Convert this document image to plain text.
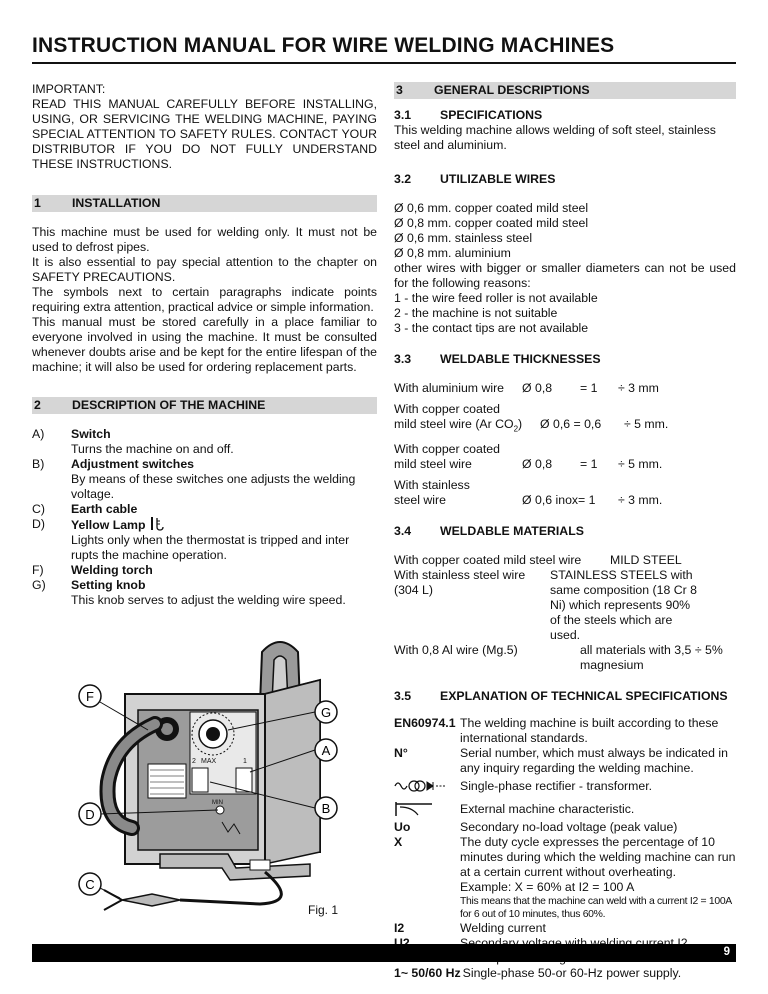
INSTRUCTION MANUAL FOR WIRE WELDING MACHINES
IMPORTANT:
READ THIS MANUAL CAREFULLY BEFORE INSTALLING, USING, OR SERVICING THE WELDING MACHINE, PAYING SPECIAL ATTENTION TO SAFETY RULES. CONTACT YOUR DISTRIBUTOR IF YOU DO NOT FULLY UNDERSTAND THESE INSTRUCTIONS.
1	INSTALLATION
This machine must be used for welding only. It must not be used to defrost pipes.
It is also essential to pay special attention to the chapter on SAFETY PRECAUTIONS.
The symbols next to certain paragraphs indicate points requiring extra attention, practical advice or simple information.
This manual must be stored carefully in a place familiar to everyone involved in using the machine. It must be consulted whenever doubts arise and be kept for the entire lifespan of the machine; it will also be used for ordering replacement parts.
2	DESCRIPTION OF THE MACHINE
A)	Switch
Turns the machine on and off.
B)	Adjustment switches
By means of these switches one adjusts the welding voltage.
C)	Earth cable
D)	Yellow Lamp
Lights only when the thermostat is tripped and inter rupts the machine operation.
F)	Welding torch
G)	Setting knob
This knob serves to adjust the welding wire speed.
MAX
2	1
MIN
F
G
A
D	B
C
Fig. 1
3	GENERAL DESCRIPTIONS
3.1	SPECIFICATIONS
This welding machine allows welding of soft steel, stainless steel and aluminium.
3.2	UTILIZABLE WIRES
Ø 0,6 mm. copper coated mild steel
Ø 0,8 mm. copper coated mild steel
Ø 0,6 mm. stainless steel
Ø 0,8 mm. aluminium
other wires with bigger or smaller diameters can not be used for the following reasons:
1 - the wire feed roller is not available
2 - the machine is not suitable
3 - the contact tips are not available
3.3	WELDABLE THICKNESSES
With aluminium wire	Ø 0,8	= 1	÷ 3 mm
With copper coated
mild steel wire (Ar $CO_2$)	Ø 0,6 = 0,6	÷ 5 mm.
With copper coated
mild steel wire	Ø 0,8	= 1	÷ 5 mm.
With stainless
steel wire	Ø 0,6 inox= 1	÷ 3 mm.
3.4	WELDABLE MATERIALS
With copper coated mild steel wire	MILD STEEL
With stainless steel wire (304 L)
STAINLESS STEELS with
same composition (18 Cr 8
Ni) which represents 90%
of the steels which are
used.
With 0,8 Al wire (Mg.5)	all materials with 3,5 ÷ 5%
magnesium
3.5	EXPLANATION OF TECHNICAL SPECIFICATIONS
EN60974.1 The welding machine is built according to these international standards.
N°	Serial number, which must always be indicated in any inquiry regarding the welding machine.
Single-phase rectifier - transformer.
External machine characteristic.
Uo	Secondary no-load voltage (peak value)
X	The duty cycle expresses the percentage of 10 minutes during which the welding machine can run at a certain current without overheating.
Example: X = 60% at I2 = 100 A
This means that the machine can weld with a current I2 = 100A for 6 out of 10 minutes, thus 60%.
I2	Welding current
1~ 50/60 Hz Single-phase 50-or 60-Hz power supply.
9
